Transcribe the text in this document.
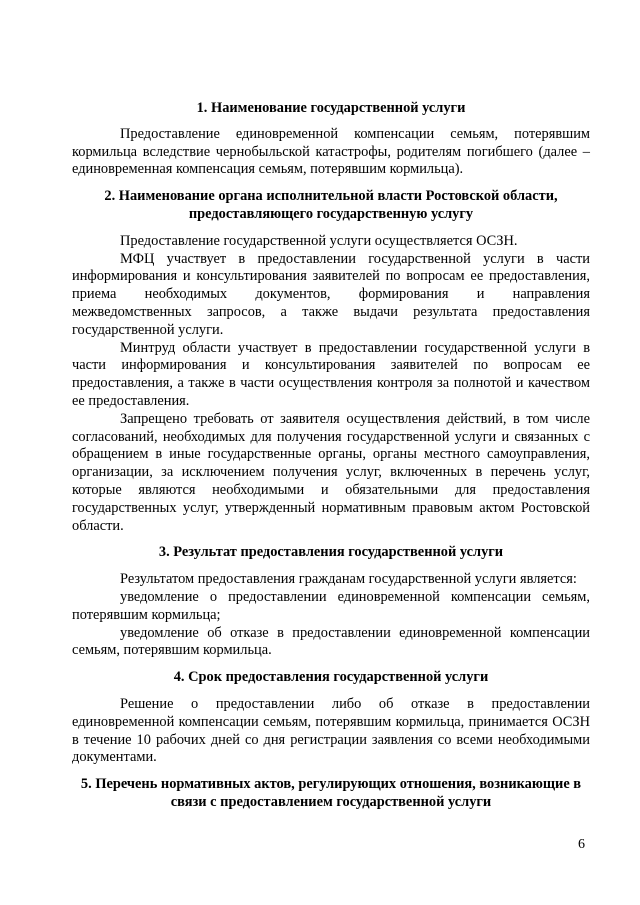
1. Наименование государственной услуги

Предоставление единовременной компенсации семьям, потерявшим кормильца вследствие чернобыльской катастрофы, родителям погибшего (далее – единовременная компенсация семьям, потерявшим кормильца).

2. Наименование органа исполнительной власти Ростовской области, предоставляющего государственную услугу

Предоставление государственной услуги осуществляется ОСЗН.

МФЦ участвует в предоставлении государственной услуги в части информирования и консультирования заявителей по вопросам ее предоставления, приема необходимых документов, формирования и направления межведомственных запросов, а также выдачи результата предоставления государственной услуги.

Минтруд области участвует в предоставлении государственной услуги в части информирования и консультирования заявителей по вопросам ее предоставления, а также в части осуществления контроля за полнотой и качеством ее предоставления.

Запрещено требовать от заявителя осуществления действий, в том числе согласований, необходимых для получения государственной услуги и связанных с обращением в иные государственные органы, органы местного самоуправления, организации, за исключением получения услуг, включенных в перечень услуг, которые являются необходимыми и обязательными для предоставления государственных услуг, утвержденный нормативным правовым актом Ростовской области.

3. Результат предоставления государственной услуги

Результатом предоставления гражданам государственной услуги является:

уведомление о предоставлении единовременной компенсации семьям, потерявшим кормильца;

уведомление об отказе в предоставлении единовременной компенсации семьям, потерявшим кормильца.

4. Срок предоставления государственной услуги

Решение о предоставлении либо об отказе в предоставлении единовременной компенсации семьям, потерявшим кормильца, принимается ОСЗН в течение 10 рабочих дней со дня регистрации заявления со всеми необходимыми документами.

5. Перечень нормативных актов, регулирующих отношения, возникающие в связи с предоставлением государственной услуги
6
